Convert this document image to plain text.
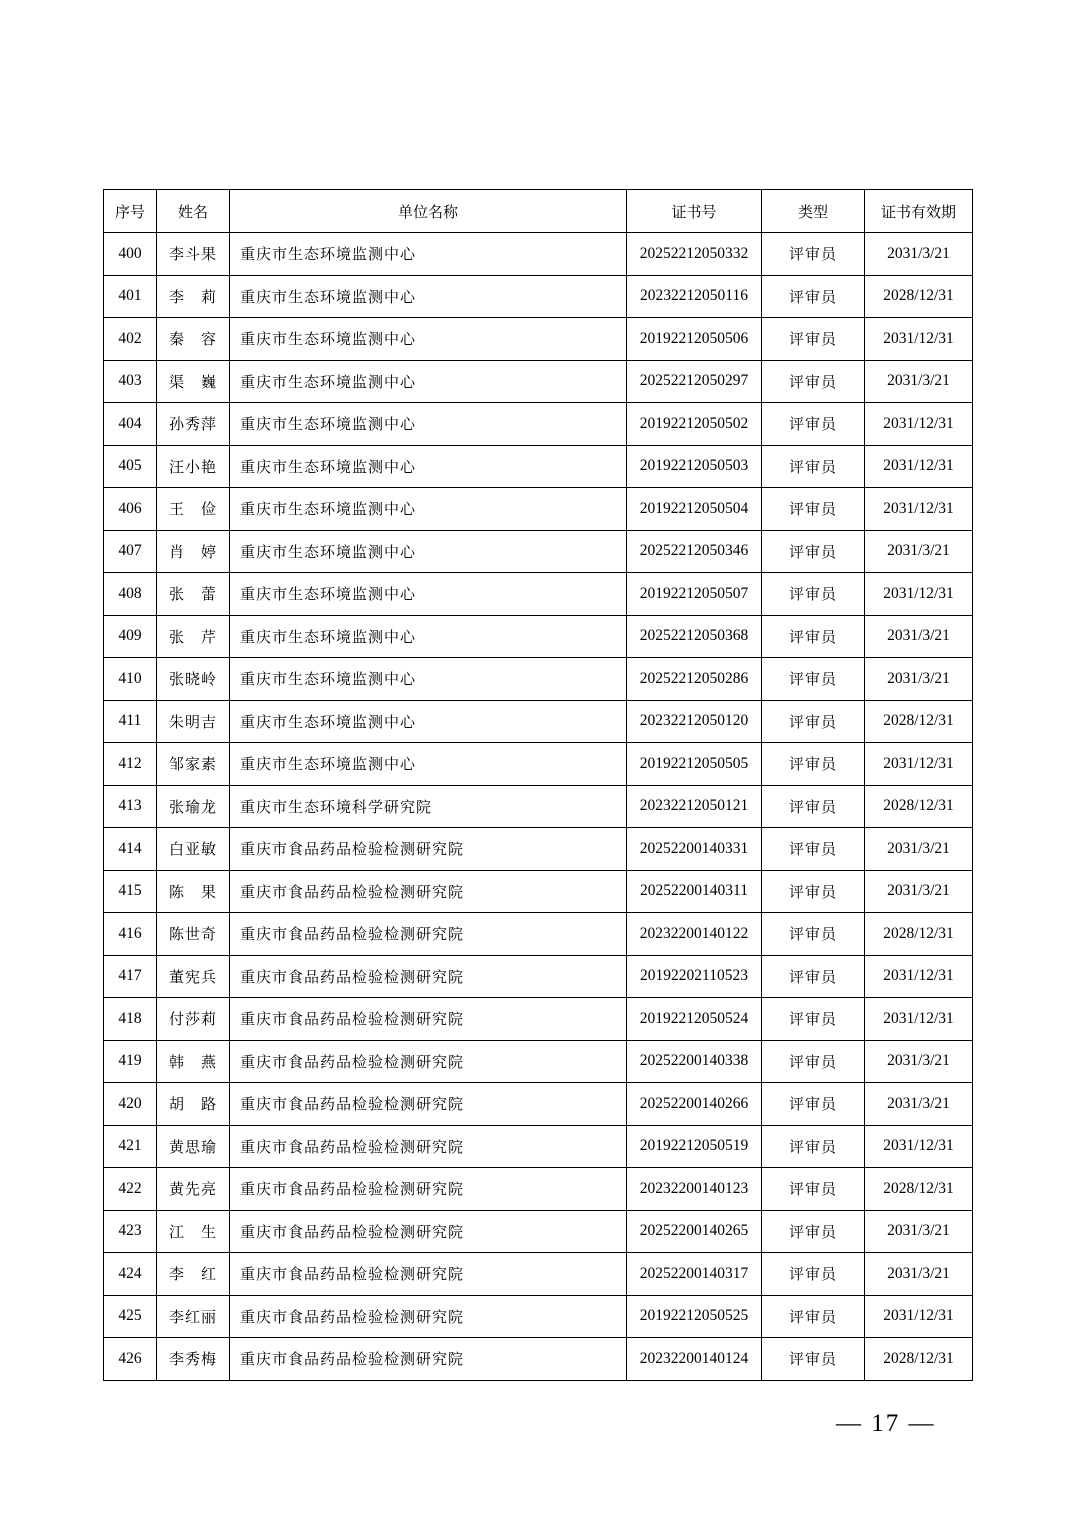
序号	姓名	单位名称	证书号	类型	证书有效期
400	李斗果	重庆市生态环境监测中心	20252212050332	评审员	2031/3/21
401	李　莉	重庆市生态环境监测中心	20232212050116	评审员	2028/12/31
402	秦　容	重庆市生态环境监测中心	20192212050506	评审员	2031/12/31
403	渠　巍	重庆市生态环境监测中心	20252212050297	评审员	2031/3/21
404	孙秀萍	重庆市生态环境监测中心	20192212050502	评审员	2031/12/31
405	汪小艳	重庆市生态环境监测中心	20192212050503	评审员	2031/12/31
406	王　俭	重庆市生态环境监测中心	20192212050504	评审员	2031/12/31
407	肖　婷	重庆市生态环境监测中心	20252212050346	评审员	2031/3/21
408	张　蕾	重庆市生态环境监测中心	20192212050507	评审员	2031/12/31
409	张　芹	重庆市生态环境监测中心	20252212050368	评审员	2031/3/21
410	张晓岭	重庆市生态环境监测中心	20252212050286	评审员	2031/3/21
411	朱明吉	重庆市生态环境监测中心	20232212050120	评审员	2028/12/31
412	邹家素	重庆市生态环境监测中心	20192212050505	评审员	2031/12/31
413	张瑜龙	重庆市生态环境科学研究院	20232212050121	评审员	2028/12/31
414	白亚敏	重庆市食品药品检验检测研究院	20252200140331	评审员	2031/3/21
415	陈　果	重庆市食品药品检验检测研究院	20252200140311	评审员	2031/3/21
416	陈世奇	重庆市食品药品检验检测研究院	20232200140122	评审员	2028/12/31
417	董宪兵	重庆市食品药品检验检测研究院	20192202110523	评审员	2031/12/31
418	付莎莉	重庆市食品药品检验检测研究院	20192212050524	评审员	2031/12/31
419	韩　燕	重庆市食品药品检验检测研究院	20252200140338	评审员	2031/3/21
420	胡　路	重庆市食品药品检验检测研究院	20252200140266	评审员	2031/3/21
421	黄思瑜	重庆市食品药品检验检测研究院	20192212050519	评审员	2031/12/31
422	黄先亮	重庆市食品药品检验检测研究院	20232200140123	评审员	2028/12/31
423	江　生	重庆市食品药品检验检测研究院	20252200140265	评审员	2031/3/21
424	李　红	重庆市食品药品检验检测研究院	20252200140317	评审员	2031/3/21
425	李红丽	重庆市食品药品检验检测研究院	20192212050525	评审员	2031/12/31
426	李秀梅	重庆市食品药品检验检测研究院	20232200140124	评审员	2028/12/31
— 17 —
